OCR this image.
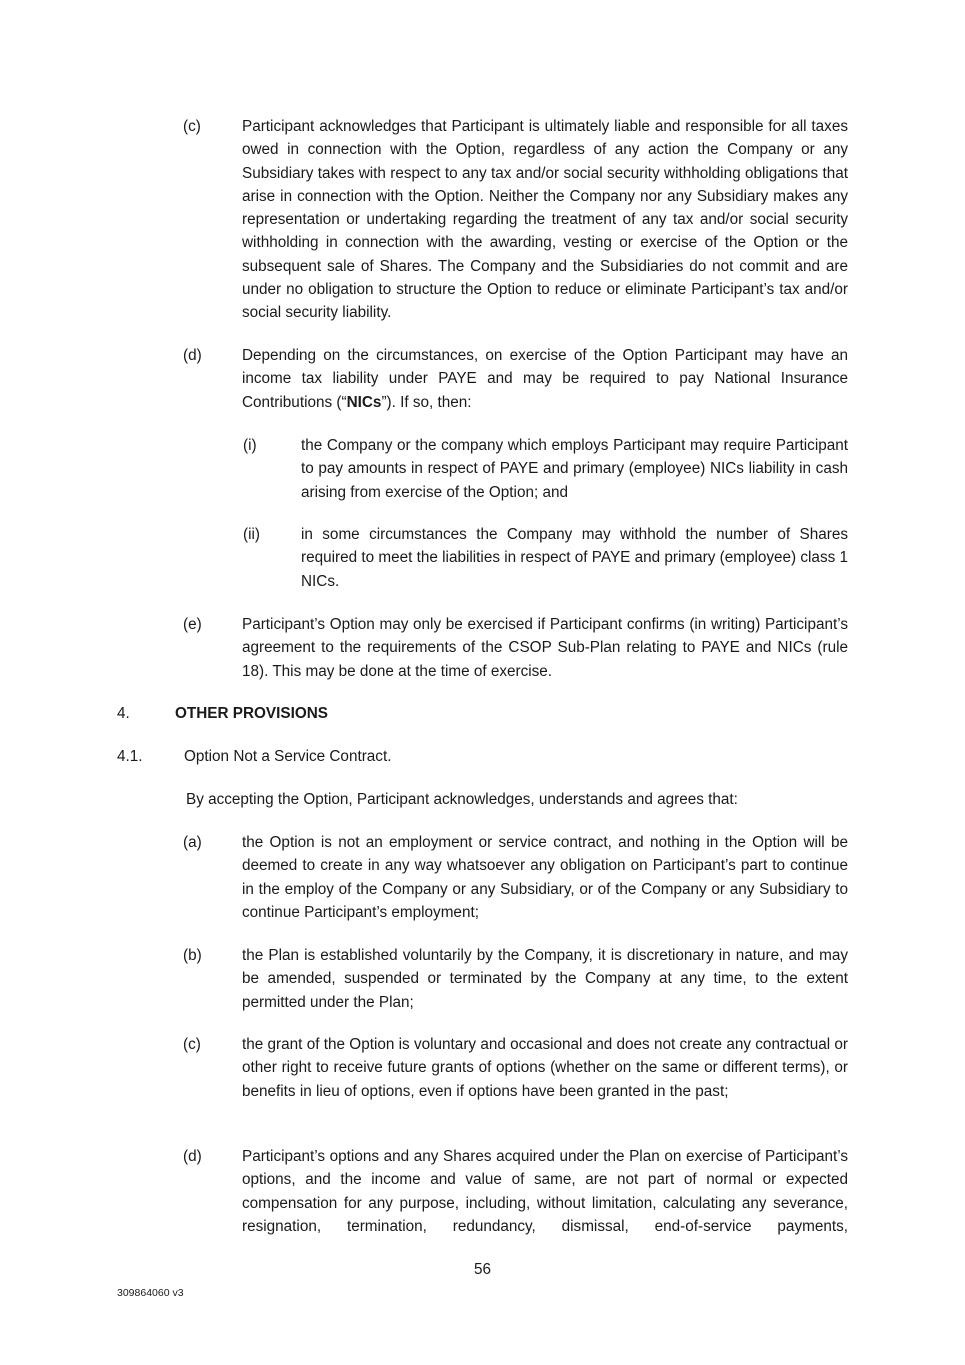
(c)	Participant acknowledges that Participant is ultimately liable and responsible for all taxes owed in connection with the Option, regardless of any action the Company or any Subsidiary takes with respect to any tax and/or social security withholding obligations that arise in connection with the Option. Neither the Company nor any Subsidiary makes any representation or undertaking regarding the treatment of any tax and/or social security withholding in connection with the awarding, vesting or exercise of the Option or the subsequent sale of Shares. The Company and the Subsidiaries do not commit and are under no obligation to structure the Option to reduce or eliminate Participant’s tax and/or social security liability.
(d)	Depending on the circumstances, on exercise of the Option Participant may have an income tax liability under PAYE and may be required to pay National Insurance Contributions (“NICs”). If so, then:
(i)	the Company or the company which employs Participant may require Participant to pay amounts in respect of PAYE and primary (employee) NICs liability in cash arising from exercise of the Option; and
(ii)	in some circumstances the Company may withhold the number of Shares required to meet the liabilities in respect of PAYE and primary (employee) class 1 NICs.
(e)	Participant’s Option may only be exercised if Participant confirms (in writing) Participant’s agreement to the requirements of the CSOP Sub-Plan relating to PAYE and NICs (rule 18). This may be done at the time of exercise.
4.	OTHER PROVISIONS
4.1.	Option Not a Service Contract.
By accepting the Option, Participant acknowledges, understands and agrees that:
(a)	the Option is not an employment or service contract, and nothing in the Option will be deemed to create in any way whatsoever any obligation on Participant’s part to continue in the employ of the Company or any Subsidiary, or of the Company or any Subsidiary to continue Participant’s employment;
(b)	the Plan is established voluntarily by the Company, it is discretionary in nature, and may be amended, suspended or terminated by the Company at any time, to the extent permitted under the Plan;
(c)	the grant of the Option is voluntary and occasional and does not create any contractual or other right to receive future grants of options (whether on the same or different terms), or benefits in lieu of options, even if options have been granted in the past;
(d)	Participant’s options and any Shares acquired under the Plan on exercise of Participant’s options, and the income and value of same, are not part of normal or expected compensation for any purpose, including, without limitation, calculating any severance, resignation, termination, redundancy, dismissal, end-of-service payments,
56
309864060 v3
